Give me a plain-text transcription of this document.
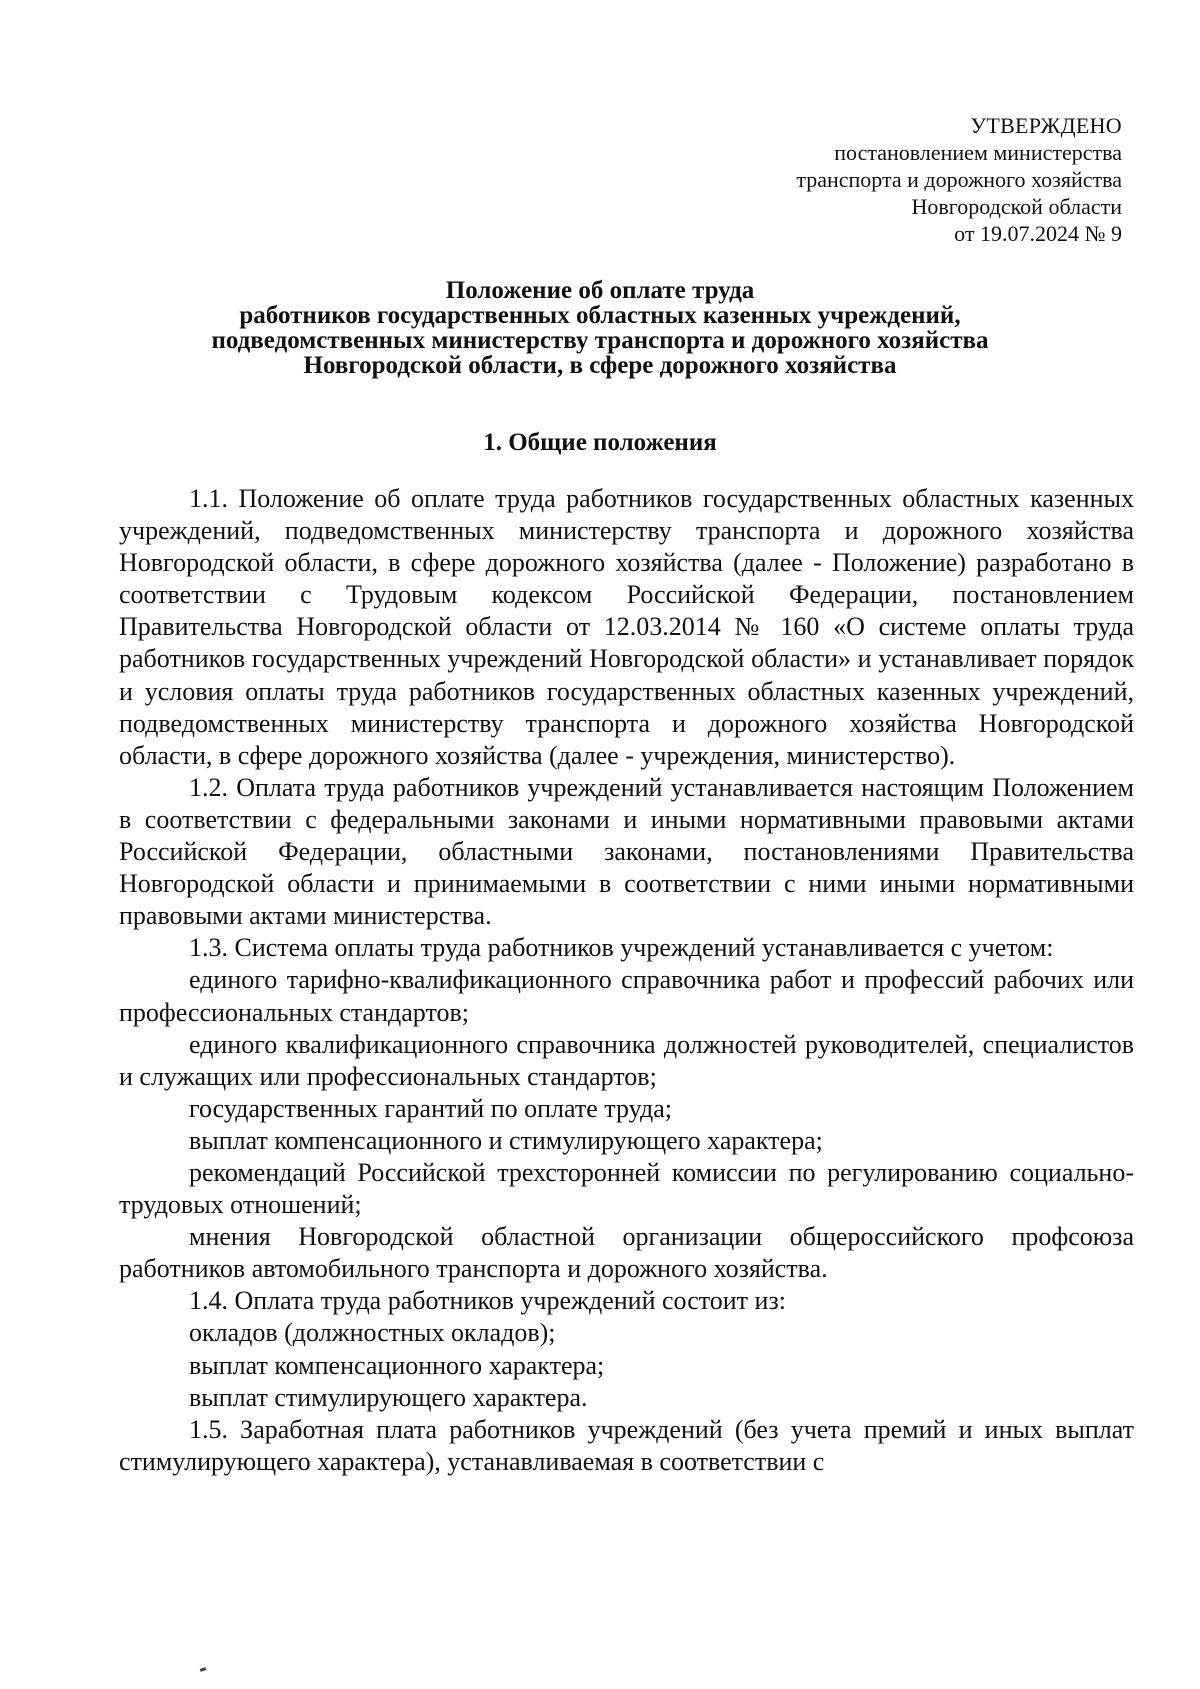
УТВЕРЖДЕНО
постановлением министерства
транспорта и дорожного хозяйства
Новгородской области
от 19.07.2024 № 9
Положение об оплате труда
работников государственных областных казенных учреждений,
подведомственных министерству транспорта и дорожного хозяйства
Новгородской области, в сфере дорожного хозяйства
1. Общие положения

1.1. Положение об оплате труда работников государственных областных казенных учреждений, подведомственных министерству транспорта и дорожного хозяйства Новгородской области, в сфере дорожного хозяйства (далее - Положение) разработано в соответствии с Трудовым кодексом Российской Федерации, постановлением Правительства Новгородской области от 12.03.2014 № 160 «О системе оплаты труда работников государственных учреждений Новгородской области» и устанавливает порядок и условия оплаты труда работников государственных областных казенных учреждений, подведомственных министерству транспорта и дорожного хозяйства Новгородской области, в сфере дорожного хозяйства (далее - учреждения, министерство).

1.2. Оплата труда работников учреждений устанавливается настоящим Положением в соответствии с федеральными законами и иными нормативными правовыми актами Российской Федерации, областными законами, постановлениями Правительства Новгородской области и принимаемыми в соответствии с ними иными нормативными правовыми актами министерства.

1.3. Система оплаты труда работников учреждений устанавливается с учетом:

единого тарифно-квалификационного справочника работ и профессий рабочих или профессиональных стандартов;

единого квалификационного справочника должностей руководителей, специалистов и служащих или профессиональных стандартов;

государственных гарантий по оплате труда;

выплат компенсационного и стимулирующего характера;

рекомендаций Российской трехсторонней комиссии по регулированию социально-трудовых отношений;

мнения Новгородской областной организации общероссийского профсоюза работников автомобильного транспорта и дорожного хозяйства.

1.4. Оплата труда работников учреждений состоит из:

окладов (должностных окладов);

выплат компенсационного характера;

выплат стимулирующего характера.

1.5. Заработная плата работников учреждений (без учета премий и иных выплат стимулирующего характера), устанавливаемая в соответствии с
